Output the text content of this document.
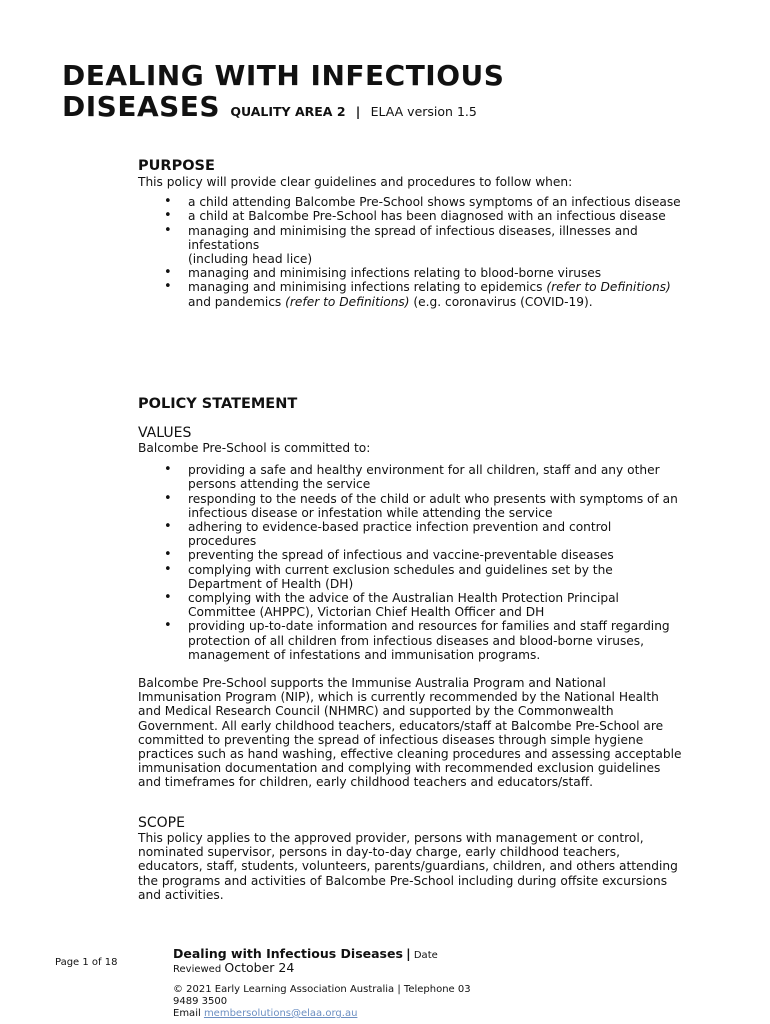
DEALING WITH INFECTIOUS
DISEASES QUALITY AREA 2 | ELAA version 1.5
PURPOSE

This policy will provide clear guidelines and procedures to follow when:

• a child attending Balcombe Pre-School shows symptoms of an infectious disease
• a child at Balcombe Pre-School has been diagnosed with an infectious disease
• managing and minimising the spread of infectious diseases, illnesses and infestations
(including head lice)
• managing and minimising infections relating to blood-borne viruses
• managing and minimising infections relating to epidemics (refer to Definitions) and pandemics (refer to Definitions) (e.g. coronavirus (COVID-19).
POLICY STATEMENT
VALUES

Balcombe Pre-School is committed to:

• providing a safe and healthy environment for all children, staff and any other persons attending the service
• responding to the needs of the child or adult who presents with symptoms of an infectious disease or infestation while attending the service
• adhering to evidence-based practice infection prevention and control procedures
• preventing the spread of infectious and vaccine-preventable diseases
• complying with current exclusion schedules and guidelines set by the Department of Health (DH)
• complying with the advice of the Australian Health Protection Principal Committee (AHPPC), Victorian Chief Health Officer and DH
• providing up-to-date information and resources for families and staff regarding protection of all children from infectious diseases and blood-borne viruses, management of infestations and immunisation programs.

Balcombe Pre-School supports the Immunise Australia Program and National Immunisation Program (NIP), which is currently recommended by the National Health and Medical Research Council (NHMRC) and supported by the Commonwealth Government. All early childhood teachers, educators/staff at Balcombe Pre-School are committed to preventing the spread of infectious diseases through simple hygiene practices such as hand washing, effective cleaning procedures and assessing acceptable immunisation documentation and complying with recommended exclusion guidelines and timeframes for children, early childhood teachers and educators/staff.

SCOPE

This policy applies to the approved provider, persons with management or control, nominated supervisor, persons in day-to-day charge, early childhood teachers, educators, staff, students, volunteers, parents/guardians, children, and others attending the programs and activities of Balcombe Pre-School including during offsite excursions and activities.

Page 1 of 18
Dealing with Infectious Diseases | Date
Reviewed October 24
© 2021 Early Learning Association Australia | Telephone 03 9489 3500
Email membersolutions@elaa.org.au
